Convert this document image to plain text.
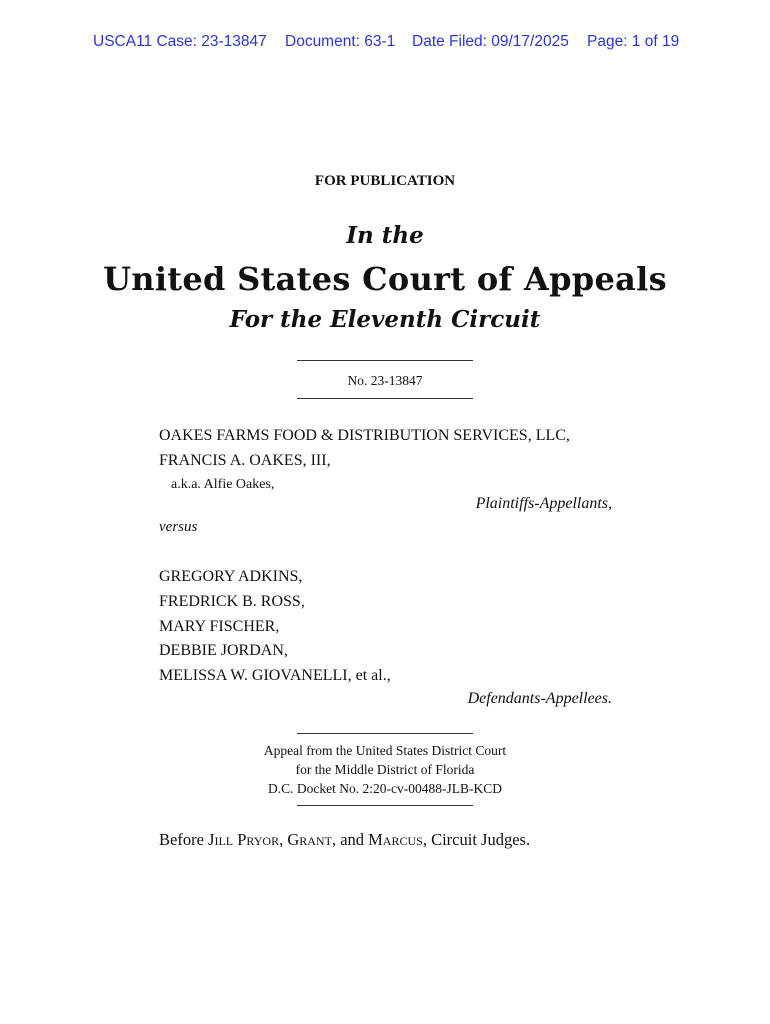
USCA11 Case: 23-13847 Document: 63-1 Date Filed: 09/17/2025 Page: 1 of 19
FOR PUBLICATION
In the
United States Court of Appeals
For the Eleventh Circuit
No. 23-13847
OAKES FARMS FOOD & DISTRIBUTION SERVICES, LLC,
FRANCIS A. OAKES, III,
a.k.a. Alfie Oakes,
Plaintiffs-Appellants,
versus
GREGORY ADKINS,
FREDRICK B. ROSS,
MARY FISCHER,
DEBBIE JORDAN,
MELISSA W. GIOVANELLI, et al.,
Defendants-Appellees.
Appeal from the United States District Court
for the Middle District of Florida
D.C. Docket No. 2:20-cv-00488-JLB-KCD
Before Jill Pryor, Grant, and Marcus, Circuit Judges.
